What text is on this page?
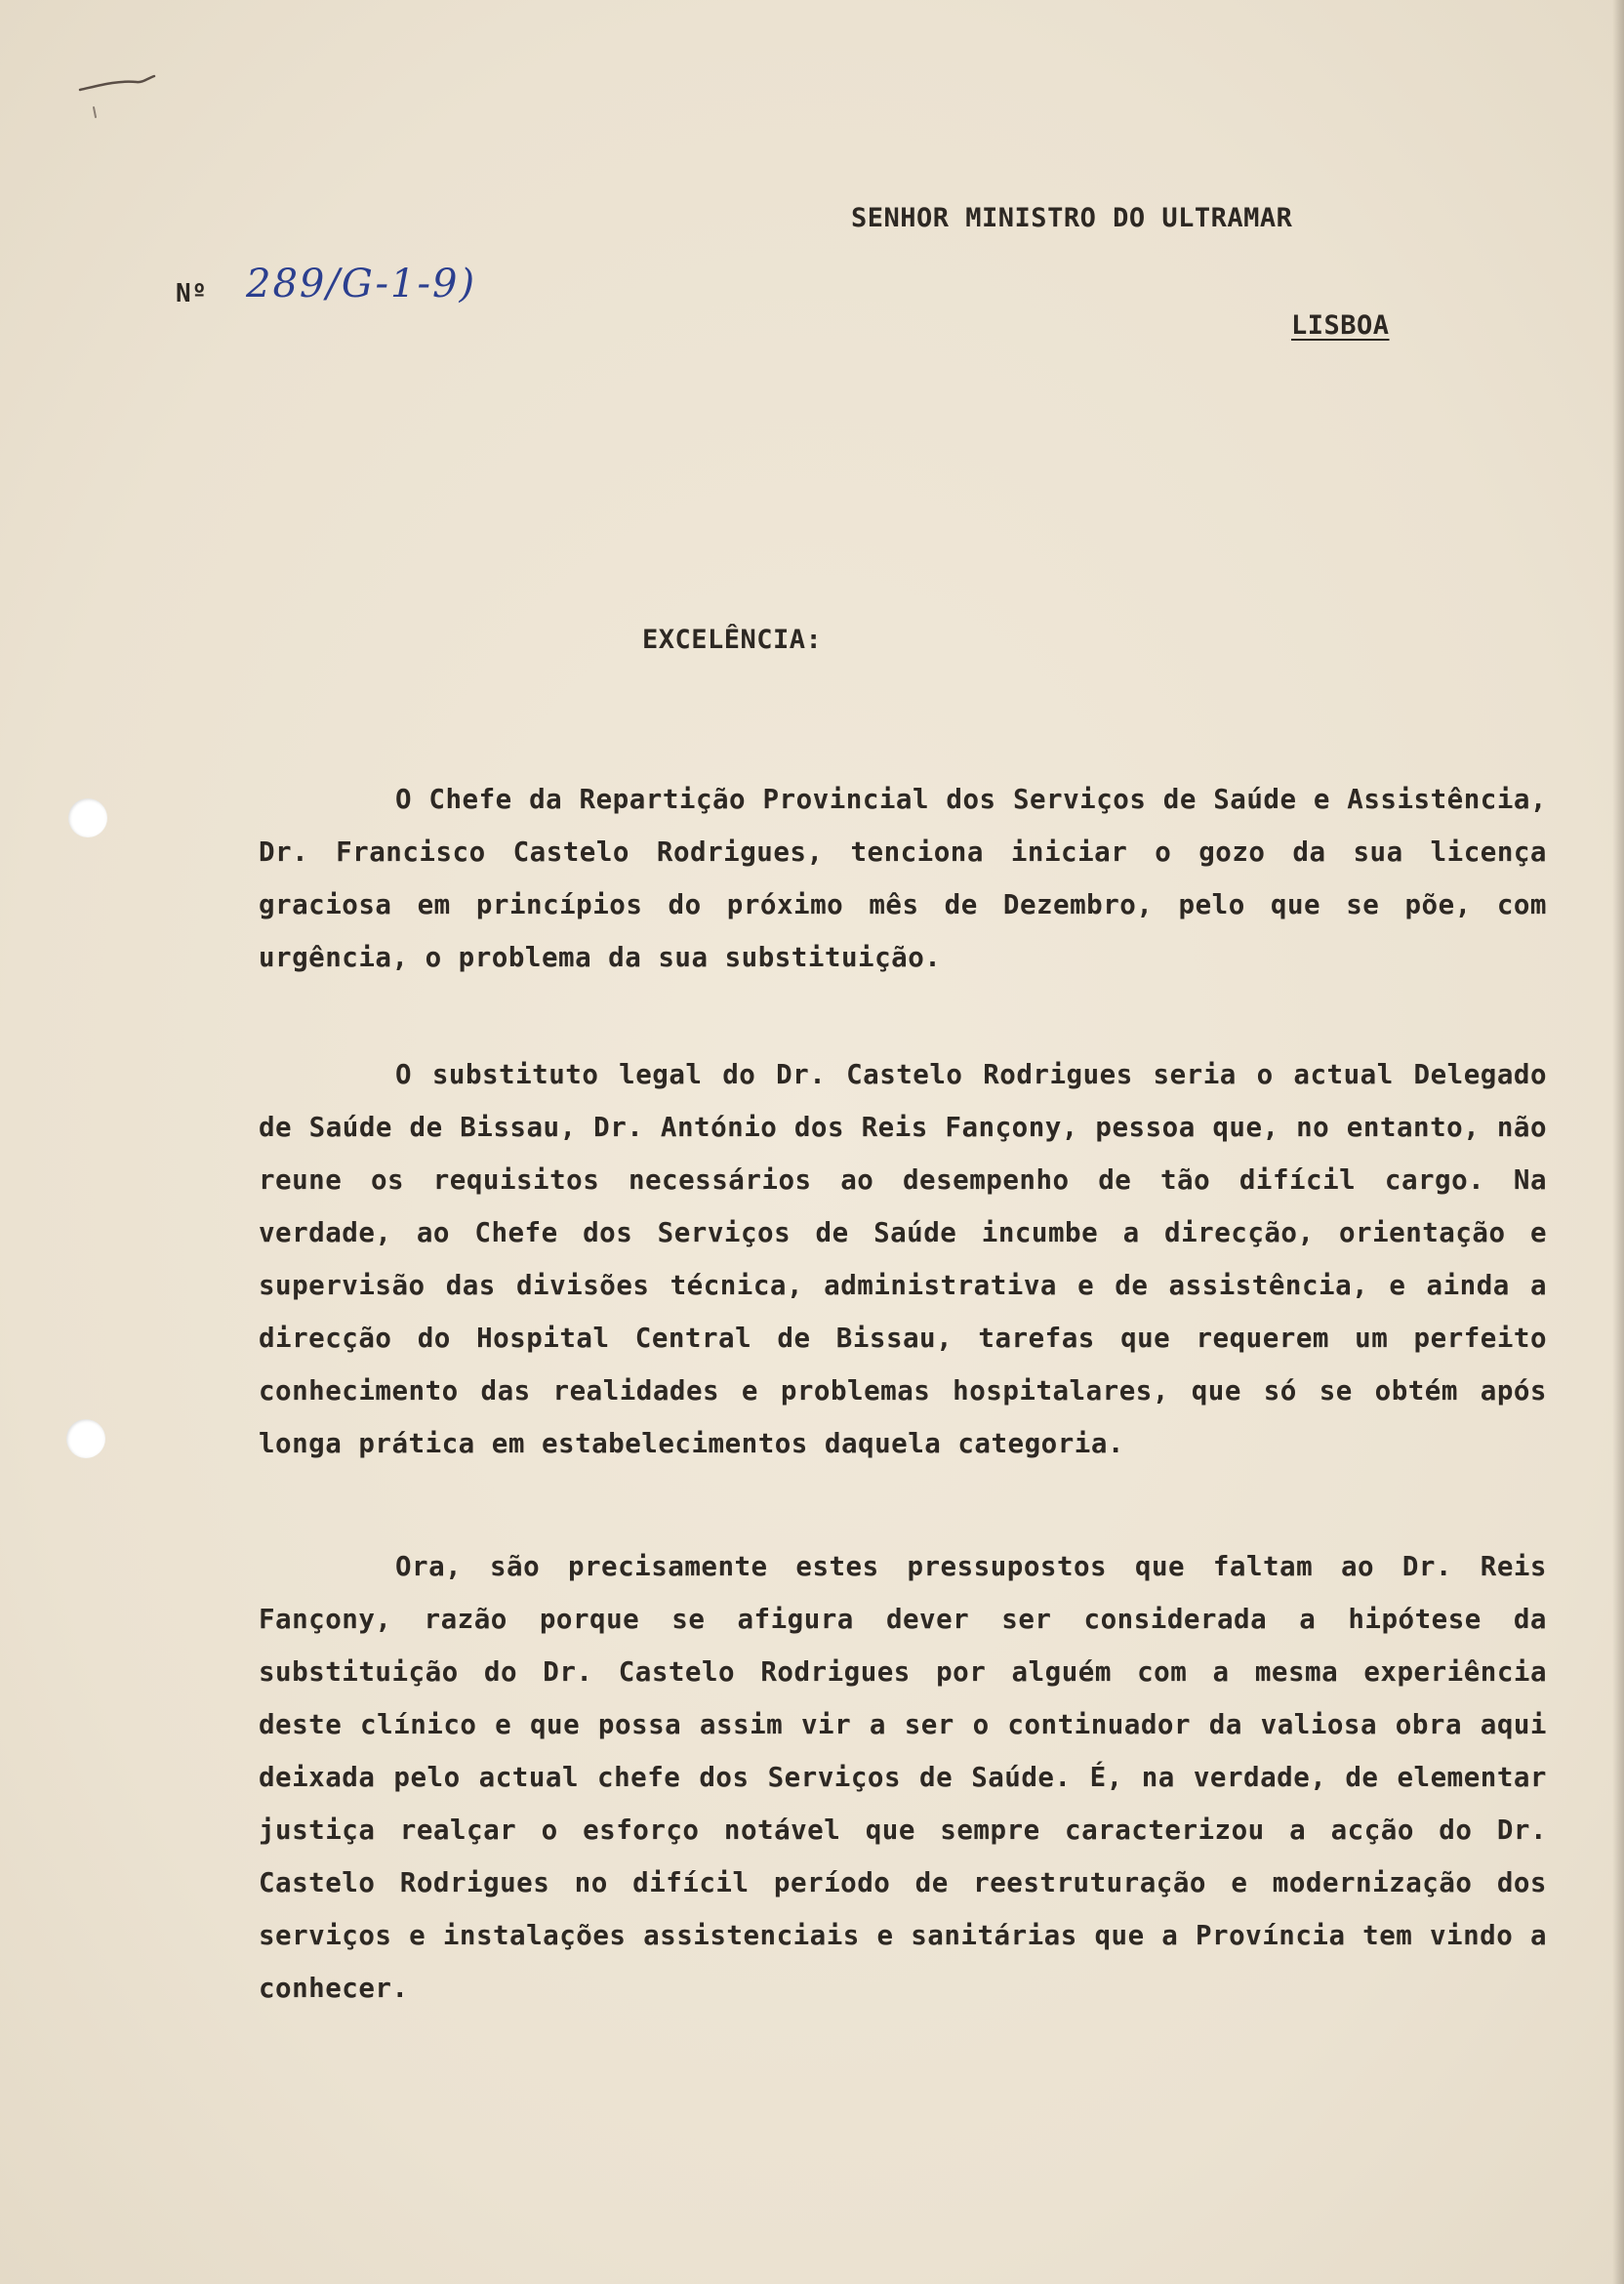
SENHOR MINISTRO DO ULTRAMAR
LISBOA
Nº 289/G-1-9)
EXCELÊNCIA:

O Chefe da Repartição Provincial dos Serviços de Saúde e Assistência, Dr. Francisco Castelo Rodrigues, tenciona iniciar o gozo da sua licença graciosa em princípios do próximo mês de Dezembro, pelo que se põe, com urgência, o problema da sua substituição.

O substituto legal do Dr. Castelo Rodrigues seria o actual Delegado de Saúde de Bissau, Dr. António dos Reis Fançony, pessoa que, no entanto, não reune os requisitos necessários ao desempenho de tão difícil cargo. Na verdade, ao Chefe dos Serviços de Saúde incumbe a direcção, orientação e supervisão das divisões técnica, administrativa e de assistência, e ainda a direcção do Hospital Central de Bissau, tarefas que requerem um perfeito conhecimento das realidades e problemas hospitalares, que só se obtém após longa prática em estabelecimentos daquela categoria.

Ora, são precisamente estes pressupostos que faltam ao Dr. Reis Fançony, razão porque se afigura dever ser considerada a hipótese da substituição do Dr. Castelo Rodrigues por alguém com a mesma experiência deste clínico e que possa assim vir a ser o continuador da valiosa obra aqui deixada pelo actual chefe dos Serviços de Saúde. É, na verdade, de elementar justiça realçar o esforço notável que sempre caracterizou a acção do Dr. Castelo Rodrigues no difícil período de reestruturação e modernização dos serviços e instalações assistenciais e sanitárias que a Província tem vindo a conhecer.
